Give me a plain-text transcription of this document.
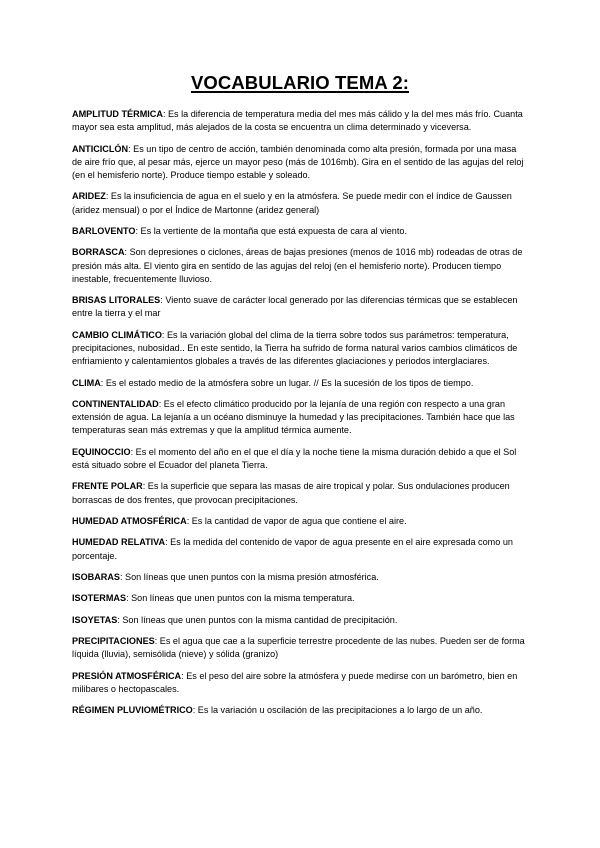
VOCABULARIO TEMA 2:

AMPLITUD TÉRMICA: Es la diferencia de temperatura media del mes más cálido y la del mes más frío. Cuanta mayor sea esta amplitud, más alejados de la costa se encuentra un clima determinado y viceversa.

ANTICICLÓN: Es un tipo de centro de acción, también denominada como alta presión, formada por una masa de aire frío que, al pesar más, ejerce un mayor peso (más de 1016mb). Gira en el sentido de las agujas del reloj (en el hemisferio norte). Produce tiempo estable y soleado.

ARIDEZ: Es la insuficiencia de agua en el suelo y en la atmósfera. Se puede medir con el índice de Gaussen (aridez mensual) o por el Índice de Martonne (aridez general)

BARLOVENTO: Es la vertiente de la montaña que está expuesta de cara al viento.

BORRASCA: Son depresiones o ciclones, áreas de bajas presiones (menos de 1016 mb) rodeadas de otras de presión más alta. El viento gira en sentido de las agujas del reloj (en el hemisferio norte). Producen tiempo inestable, frecuentemente lluvioso.

BRISAS LITORALES: Viento suave de carácter local generado por las diferencias térmicas que se establecen entre la tierra y el mar

CAMBIO CLIMÁTICO: Es la variación global del clima de la tierra sobre todos sus parámetros: temperatura, precipitaciones, nubosidad.. En este sentido, la Tierra ha sufrido de forma natural varios cambios climáticos de enfriamiento y calentamientos globales a través de las diferentes glaciaciones y periodos interglaciares.

CLIMA: Es el estado medio de la atmósfera sobre un lugar. // Es la sucesión de los tipos de tiempo.

CONTINENTALIDAD: Es el efecto climático producido por la lejanía de una región con respecto a una gran extensión de agua. La lejanía a un océano disminuye la humedad y las precipitaciones. También hace que las temperaturas sean más extremas y que la amplitud térmica aumente.

EQUINOCCIO: Es el momento del año en el que el día y la noche tiene la misma duración debido a que el Sol está situado sobre el Ecuador del planeta Tierra.

FRENTE POLAR: Es la superficie que separa las masas de aire tropical y polar. Sus ondulaciones producen borrascas de dos frentes, que provocan precipitaciones.

HUMEDAD ATMOSFÉRICA: Es la cantidad de vapor de agua que contiene el aire.

HUMEDAD RELATIVA: Es la medida del contenido de vapor de agua presente en el aire expresada como un porcentaje.

ISOBARAS: Son líneas que unen puntos con la misma presión atmosférica.

ISOTERMAS: Son líneas que unen puntos con la misma temperatura.

ISOYETAS: Son líneas que unen puntos con la misma cantidad de precipitación.

PRECIPITACIONES: Es el agua que cae a la superficie terrestre procedente de las nubes. Pueden ser de forma líquida (lluvia), semisólida (nieve) y sólida (granizo)

PRESIÓN ATMOSFÉRICA: Es el peso del aire sobre la atmósfera y puede medirse con un barómetro, bien en milibares o hectopascales.

RÉGIMEN PLUVIOMÉTRICO: Es la variación u oscilación de las precipitaciones a lo largo de un año.
